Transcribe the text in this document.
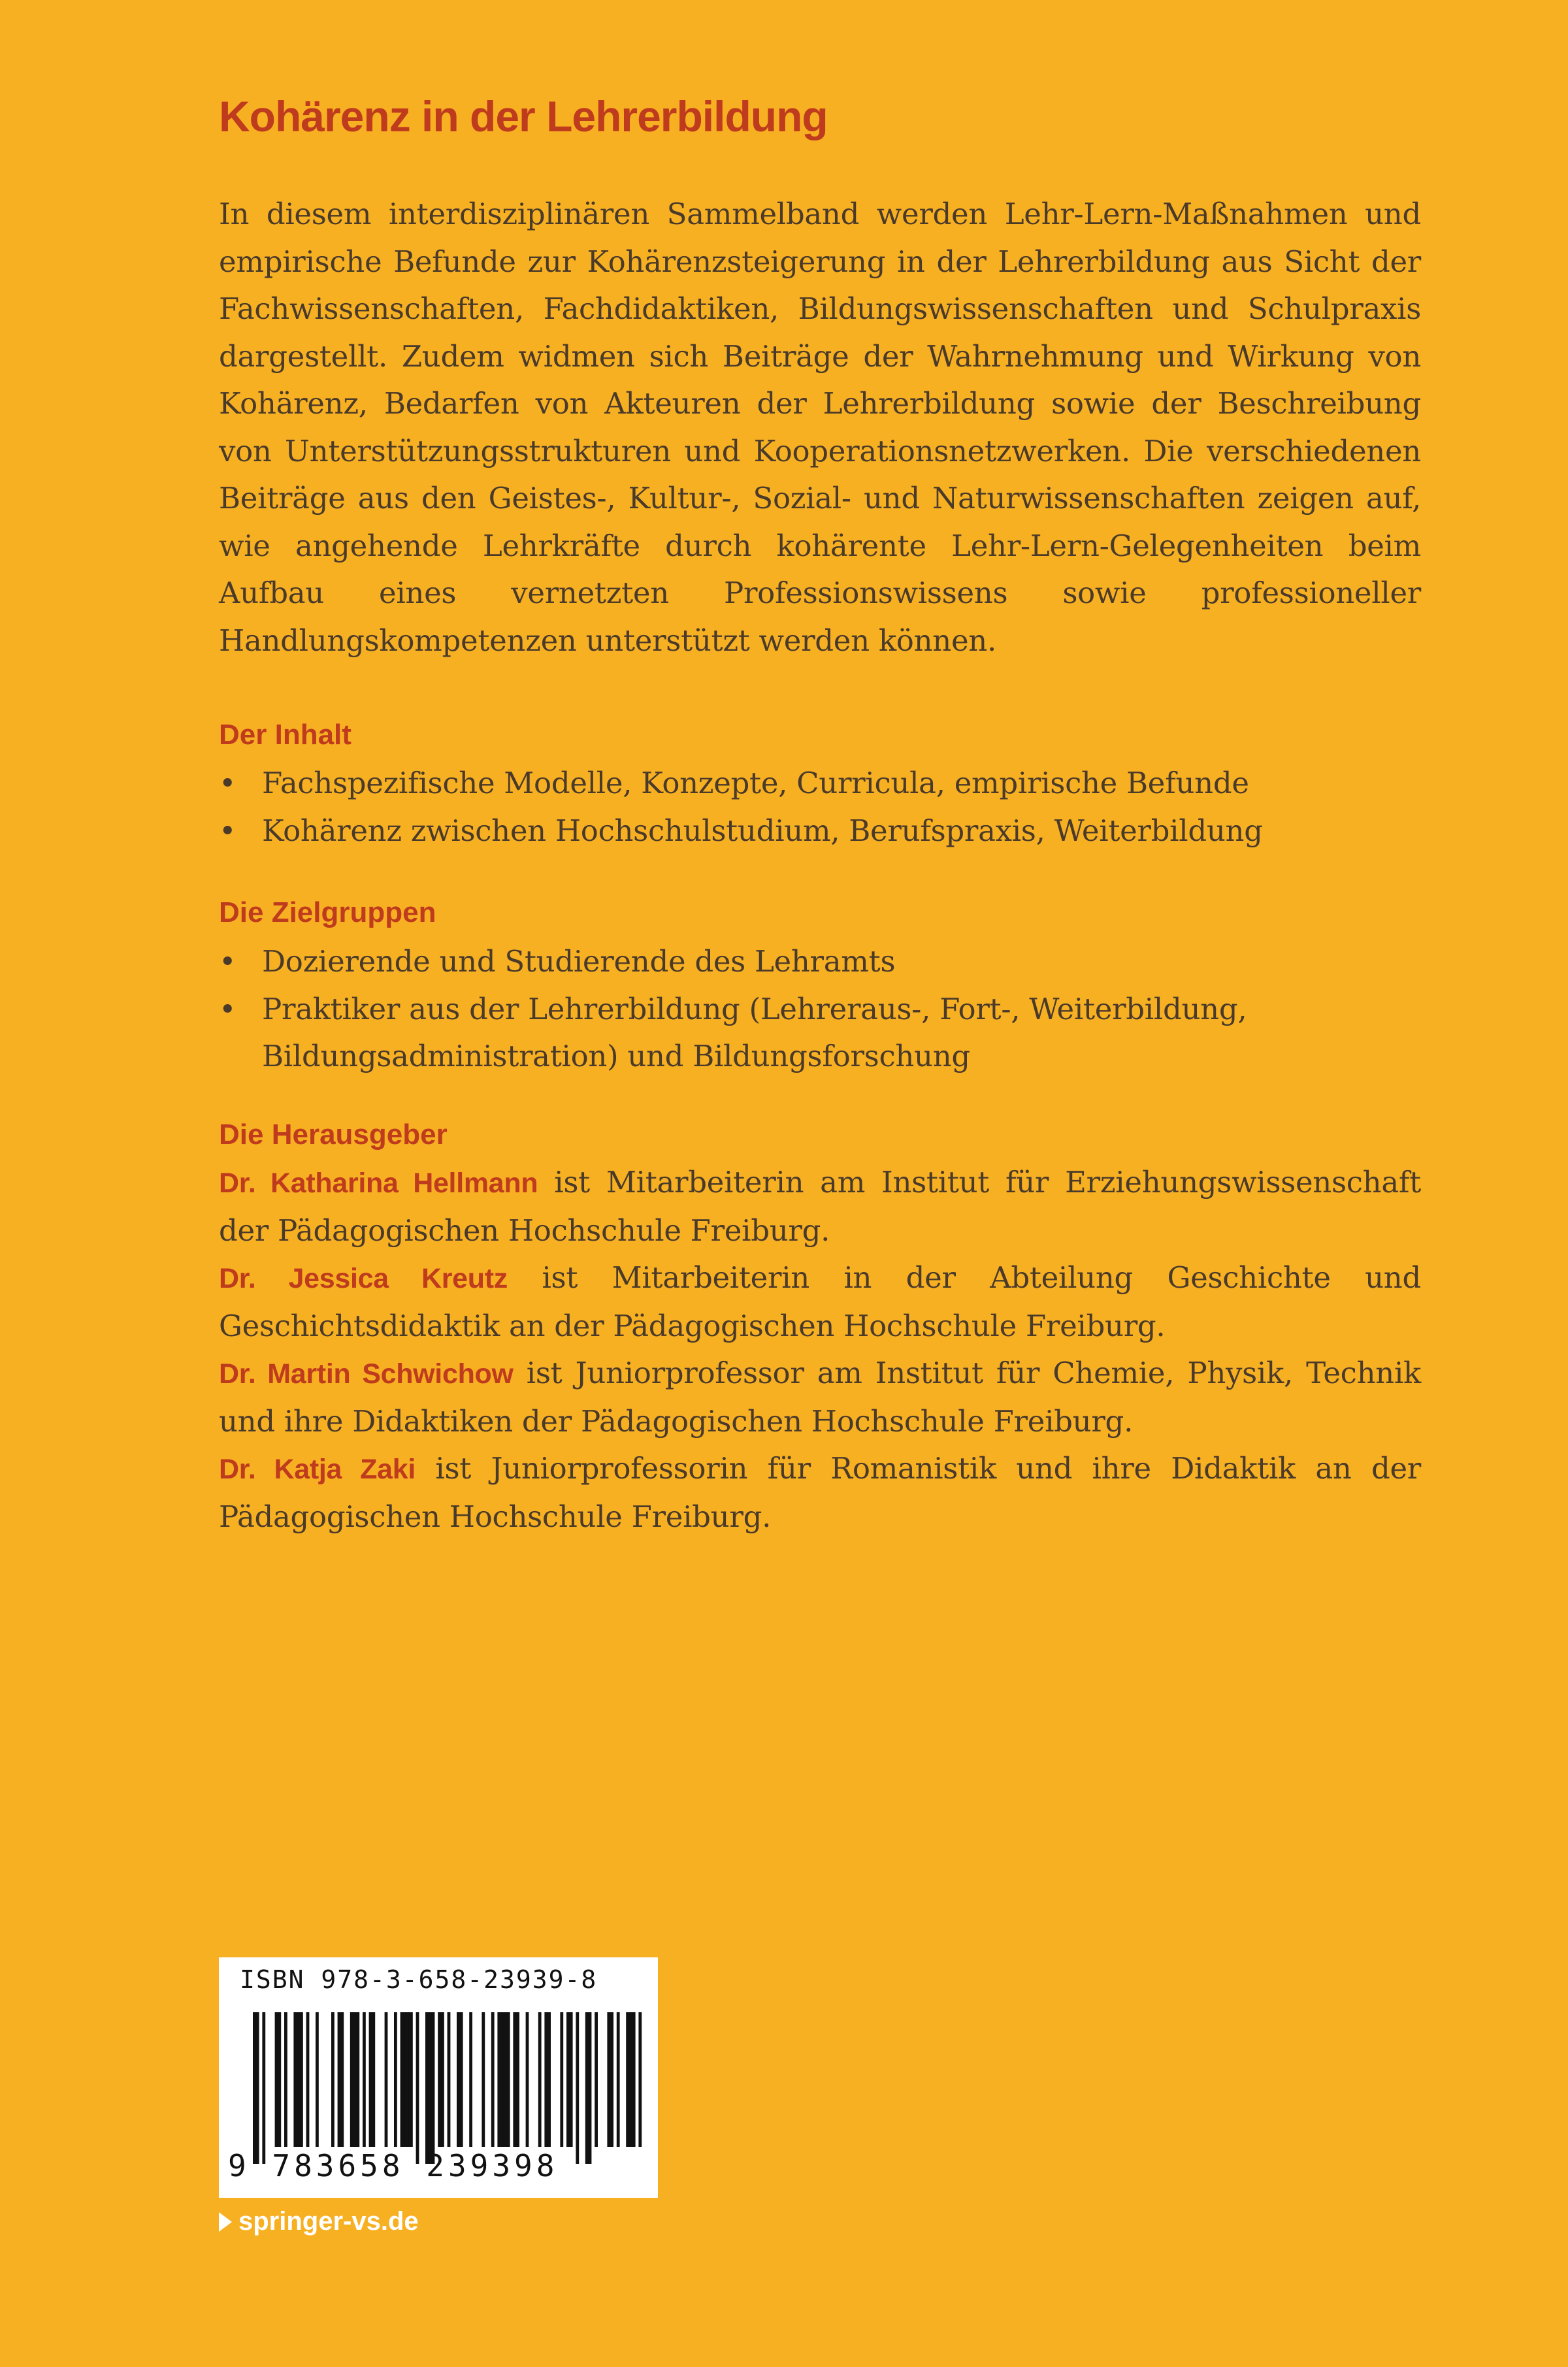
Kohärenz in der Lehrerbildung

In diesem interdisziplinären Sammelband werden Lehr-Lern-Maßnahmen und empirische Befunde zur Kohärenzsteigerung in der Lehrerbildung aus Sicht der Fachwissenschaften, Fachdidaktiken, Bildungswissenschaften und Schulpraxis dargestellt. Zudem widmen sich Beiträge der Wahrnehmung und Wirkung von Kohärenz, Bedarfen von Akteuren der Lehrerbildung sowie der Beschreibung von Unterstützungsstrukturen und Kooperationsnetzwerken. Die verschiedenen Beiträge aus den Geistes-, Kultur-, Sozial- und Naturwissenschaften zeigen auf, wie angehende Lehrkräfte durch kohärente Lehr-Lern-Gelegenheiten beim Aufbau eines vernetzten Professionswissens sowie professioneller Handlungskompetenzen unterstützt werden können.

Der Inhalt
• Fachspezifische Modelle, Konzepte, Curricula, empirische Befunde
• Kohärenz zwischen Hochschulstudium, Berufspraxis, Weiterbildung
Die Zielgruppen
• Dozierende und Studierende des Lehramts
• Praktiker aus der Lehrerbildung (Lehreraus-, Fort-, Weiterbildung, Bildungsadministration) und Bildungsforschung
Die Herausgeber
Dr. Katharina Hellmann ist Mitarbeiterin am Institut für Erziehungswissenschaft der Pädagogischen Hochschule Freiburg.
Dr. Jessica Kreutz ist Mitarbeiterin in der Abteilung Geschichte und Geschichtsdidaktik an der Pädagogischen Hochschule Freiburg.
Dr. Martin Schwichow ist Juniorprofessor am Institut für Chemie, Physik, Technik und ihre Didaktiken der Pädagogischen Hochschule Freiburg.
Dr. Katja Zaki ist Juniorprofessorin für Romanistik und ihre Didaktik an der Pädagogischen Hochschule Freiburg.
ISBN 978-3-658-23939-8
9 783658 239398
springer-vs.de
